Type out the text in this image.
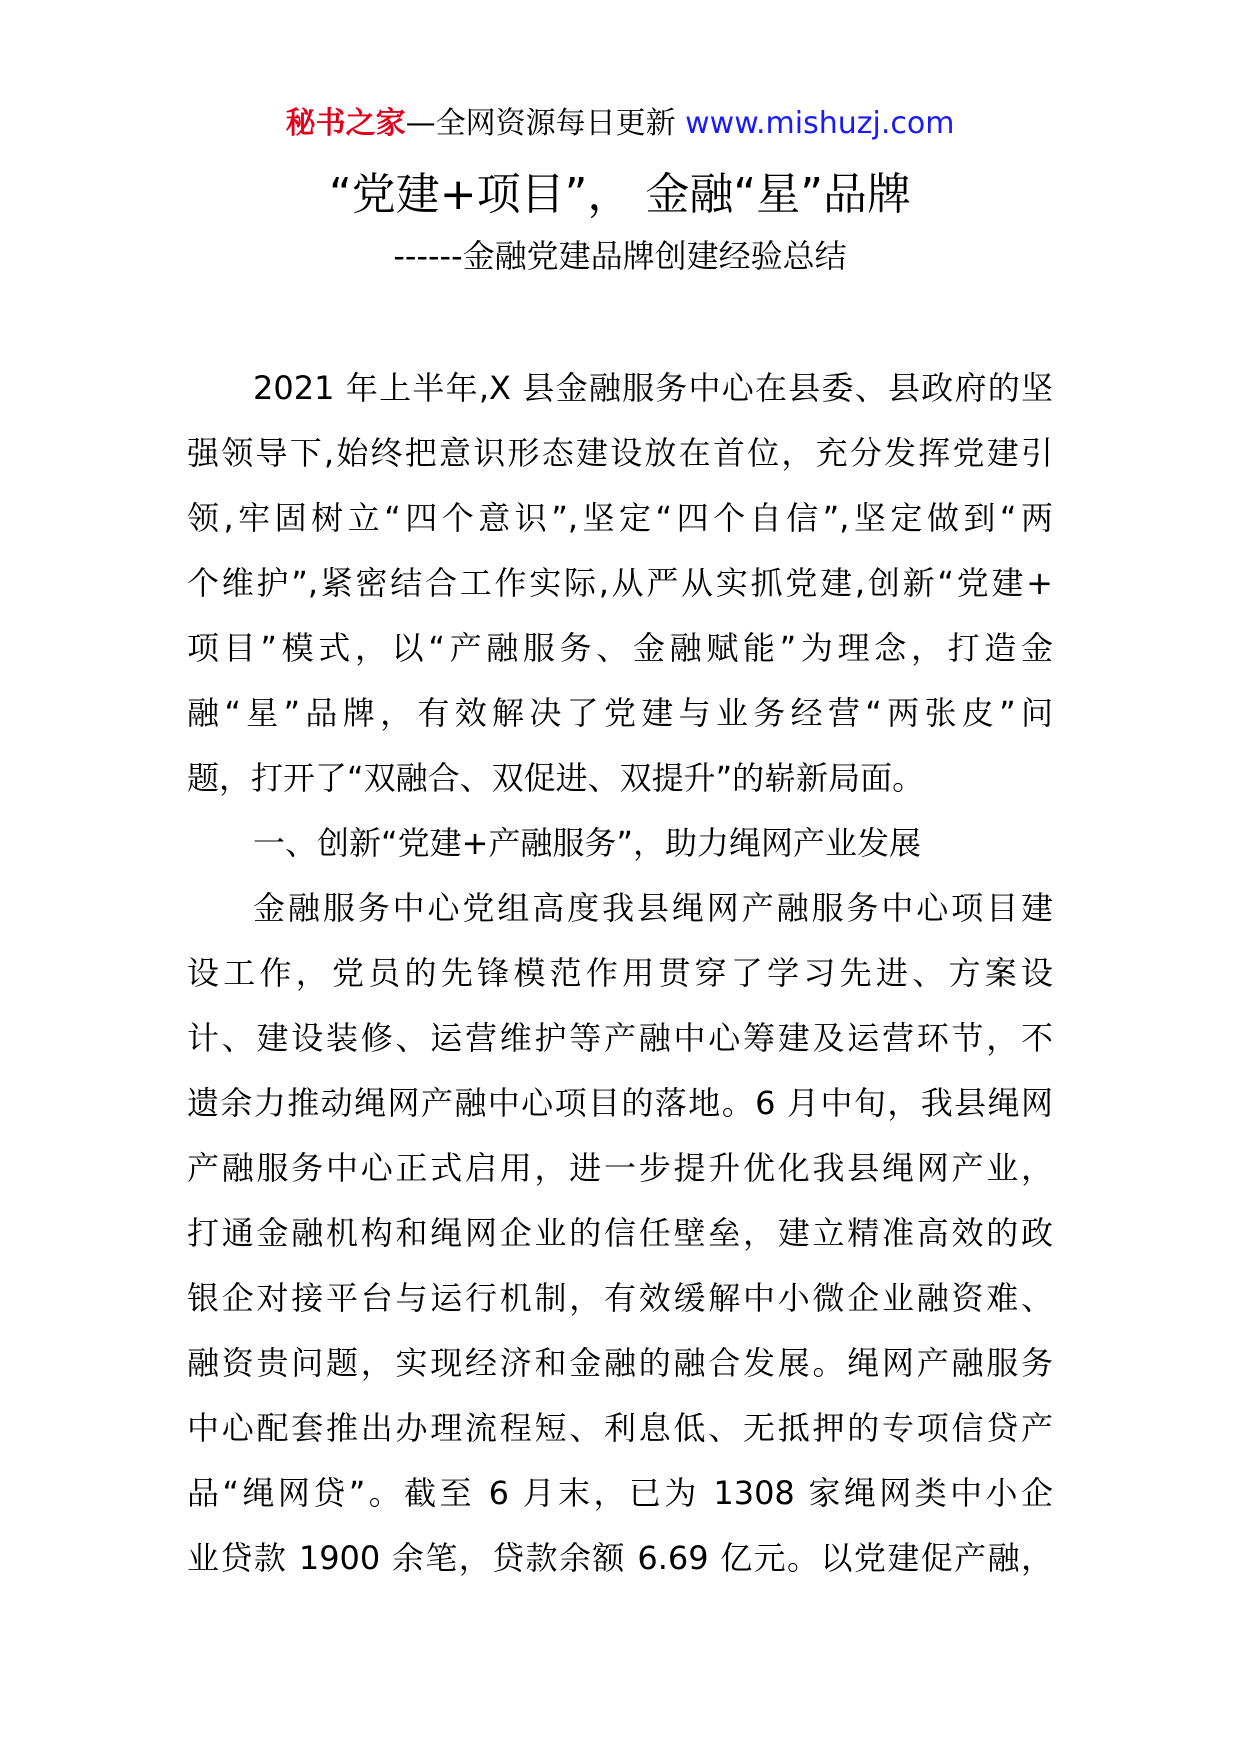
秘书之家—全网资源每日更新 www.mishuzj.com
“党建+项目”， 金融“星”品牌
------金融党建品牌创建经验总结
2021 年上半年,X 县金融服务中心在县委、县政府的坚
强领导下,始终把意识形态建设放在首位，充分发挥党建引
领,牢固树立“四个意识”,坚定“四个自信”,坚定做到“两
个维护”,紧密结合工作实际,从严从实抓党建,创新“党建+
项目”模式，以“产融服务、金融赋能”为理念，打造金
融“星”品牌，有效解决了党建与业务经营“两张皮”问
题，打开了“双融合、双促进、双提升”的崭新局面。
一、创新“党建+产融服务”，助力绳网产业发展
金融服务中心党组高度我县绳网产融服务中心项目建
设工作，党员的先锋模范作用贯穿了学习先进、方案设
计、建设装修、运营维护等产融中心筹建及运营环节，不
遗余力推动绳网产融中心项目的落地。6 月中旬，我县绳网
产融服务中心正式启用，进一步提升优化我县绳网产业，
打通金融机构和绳网企业的信任壁垒，建立精准高效的政
银企对接平台与运行机制，有效缓解中小微企业融资难、
融资贵问题，实现经济和金融的融合发展。绳网产融服务
中心配套推出办理流程短、利息低、无抵押的专项信贷产
品“绳网贷”。截至 6 月末，已为 1308 家绳网类中小企
业贷款 1900 余笔，贷款余额 6.69 亿元。以党建促产融，
